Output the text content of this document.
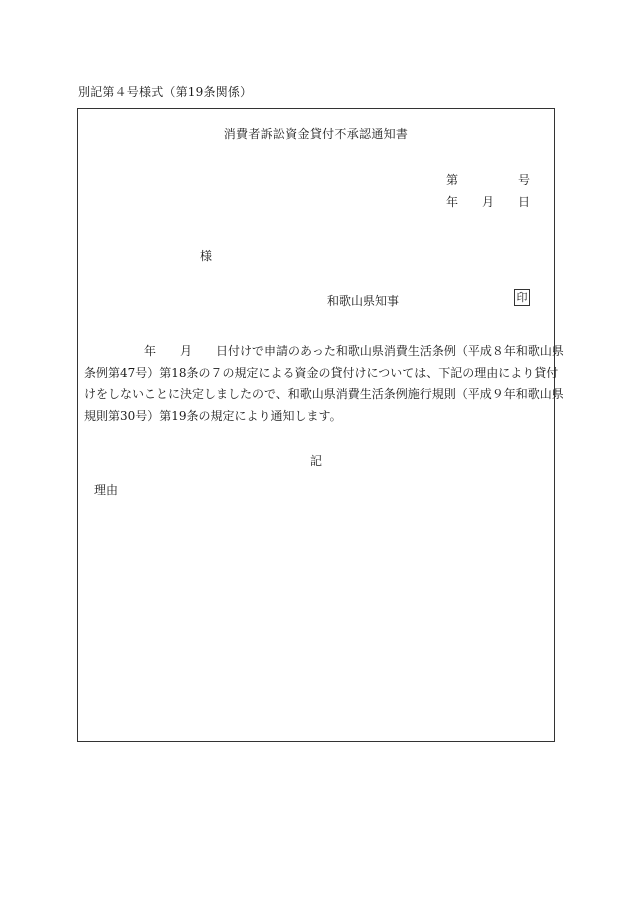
別記第４号様式（第19条関係）
消費者訴訟資金貸付不承認通知書
第	号
年 月 日
様
和歌山県知事	印

年 月 日付けで申請のあった和歌山県消費生活条例（平成８年和歌山県

条例第47号）第18条の７の規定による資金の貸付けについては、下記の理由により貸付

けをしないことに決定しましたので、和歌山県消費生活条例施行規則（平成９年和歌山県

規則第30号）第19条の規定により通知します。

記
理由
